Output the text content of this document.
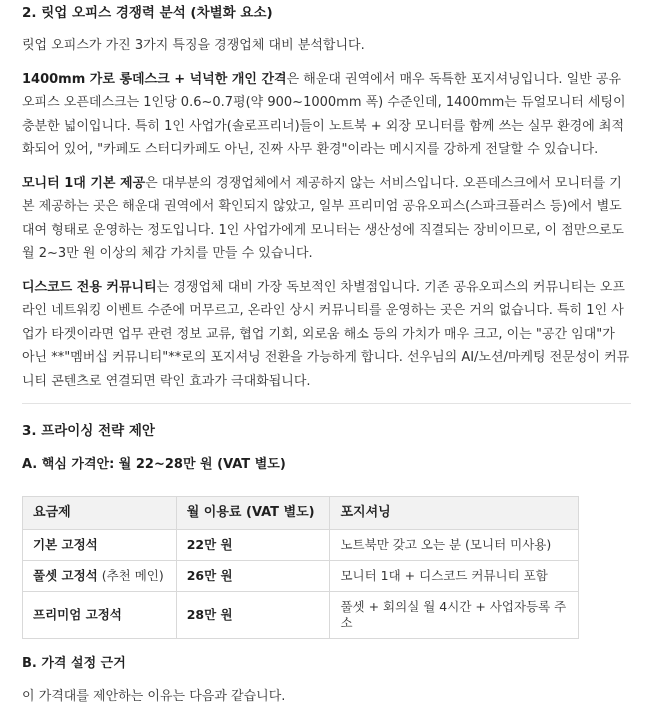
2. 릿업 오피스 경쟁력 분석 (차별화 요소)

릿업 오피스가 가진 3가지 특징을 경쟁업체 대비 분석합니다.

1400mm 가로 롱데스크 + 넉넉한 개인 간격은 해운대 권역에서 매우 독특한 포지셔닝입니다. 일반 공유오피스 오픈데스크는 1인당 0.6~0.7평(약 900~1000mm 폭) 수준인데, 1400mm는 듀얼모니터 세팅이 충분한 넓이입니다. 특히 1인 사업가(솔로프리너)들이 노트북 + 외장 모니터를 함께 쓰는 실무 환경에 최적화되어 있어, "카페도 스터디카페도 아닌, 진짜 사무 환경"이라는 메시지를 강하게 전달할 수 있습니다.

모니터 1대 기본 제공은 대부분의 경쟁업체에서 제공하지 않는 서비스입니다. 오픈데스크에서 모니터를 기본 제공하는 곳은 해운대 권역에서 확인되지 않았고, 일부 프리미엄 공유오피스(스파크플러스 등)에서 별도 대여 형태로 운영하는 정도입니다. 1인 사업가에게 모니터는 생산성에 직결되는 장비이므로, 이 점만으로도 월 2~3만 원 이상의 체감 가치를 만들 수 있습니다.

디스코드 전용 커뮤니티는 경쟁업체 대비 가장 독보적인 차별점입니다. 기존 공유오피스의 커뮤니티는 오프라인 네트워킹 이벤트 수준에 머무르고, 온라인 상시 커뮤니티를 운영하는 곳은 거의 없습니다. 특히 1인 사업가 타겟이라면 업무 관련 정보 교류, 협업 기회, 외로움 해소 등의 가치가 매우 크고, 이는 "공간 임대"가 아닌 **"멤버십 커뮤니티"**로의 포지셔닝 전환을 가능하게 합니다. 선우님의 AI/노션/마케팅 전문성이 커뮤니티 콘텐츠로 연결되면 락인 효과가 극대화됩니다.

3. 프라이싱 전략 제안
A. 핵심 가격안: 월 22~28만 원 (VAT 별도)
요금제	월 이용료 (VAT 별도)	포지셔닝
기본 고정석	22만 원	노트북만 갖고 오는 분 (모니터 미사용)
풀셋 고정석 (추천 메인)	26만 원	모니터 1대 + 디스코드 커뮤니티 포함
프리미엄 고정석	28만 원	풀셋 + 회의실 월 4시간 + 사업자등록 주소
B. 가격 설정 근거

이 가격대를 제안하는 이유는 다음과 같습니다.
